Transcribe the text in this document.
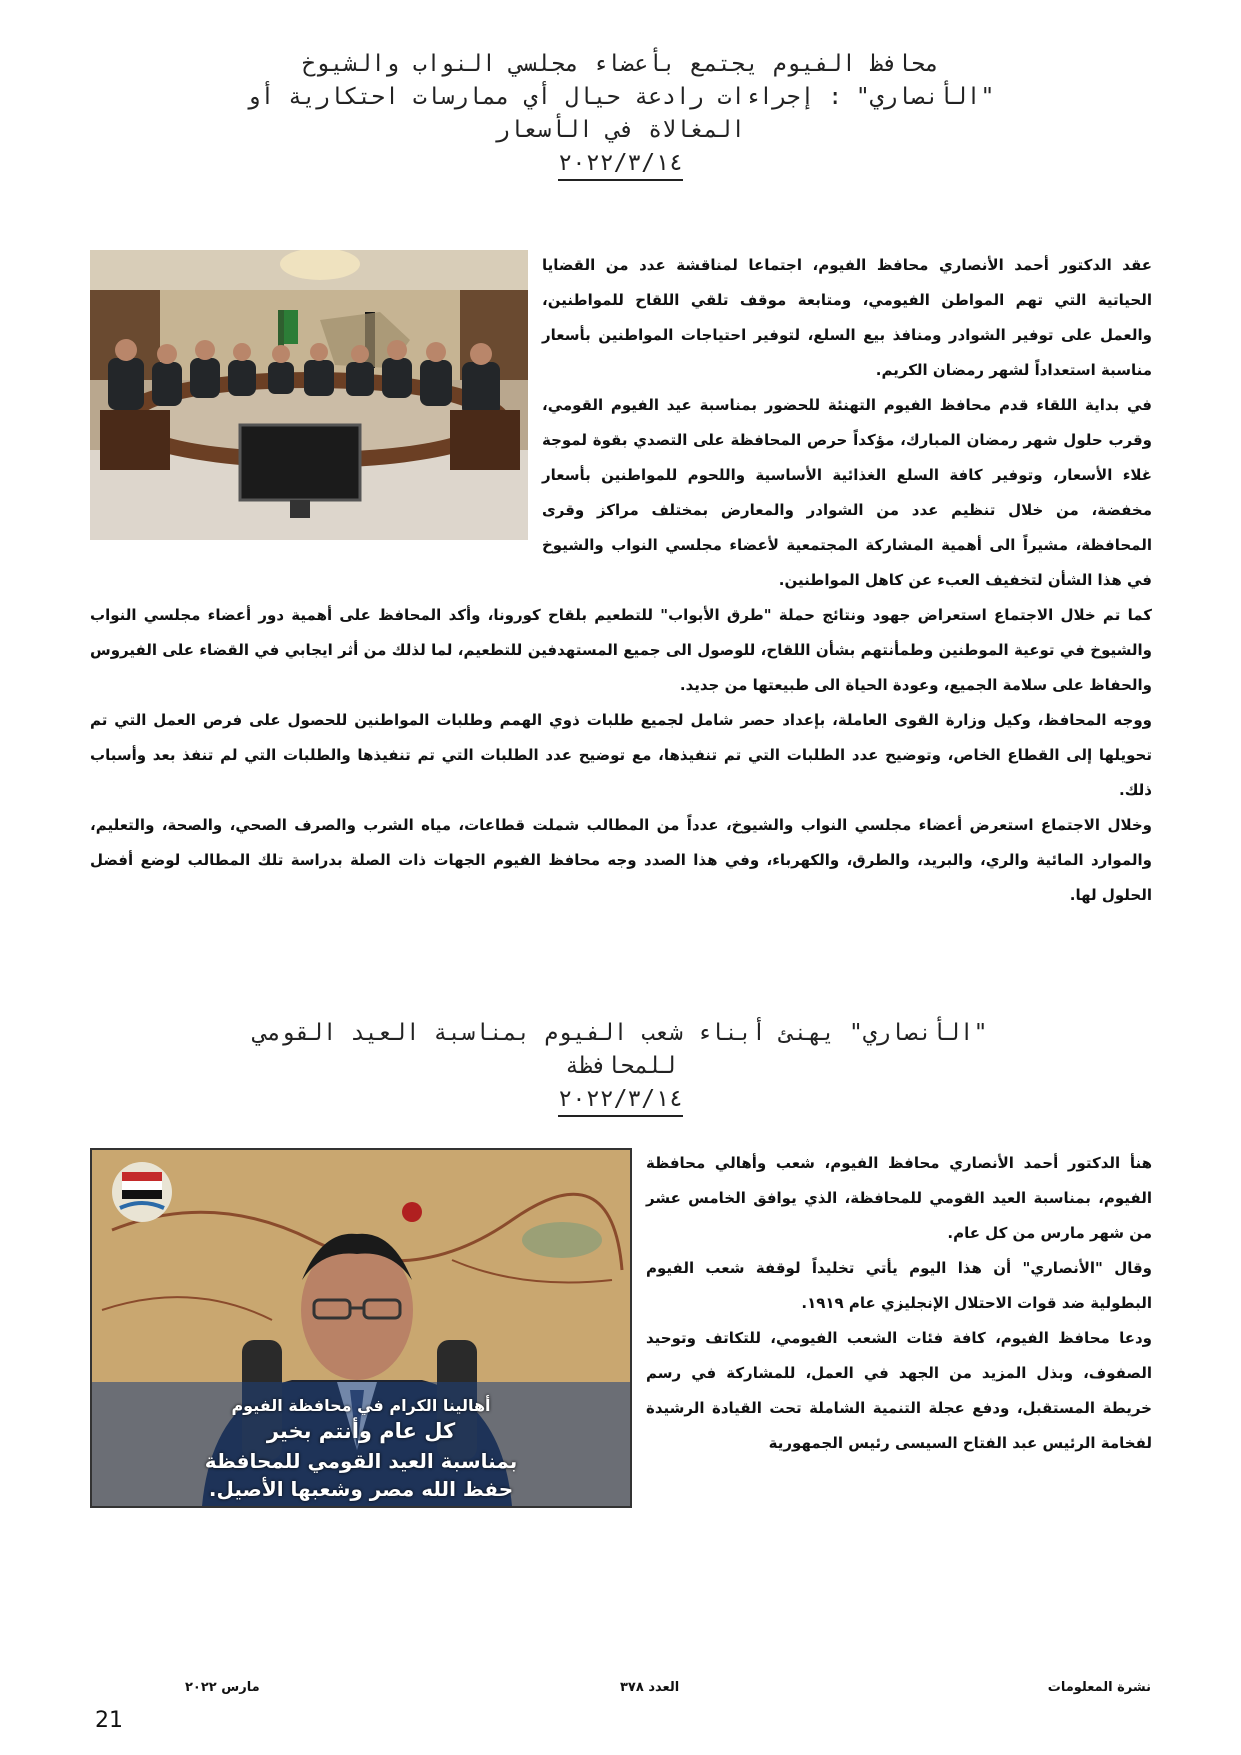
محافظ الفيوم يجتمع بأعضاء مجلسي النواب والشيوخ
"الأنصاري" : إجراءات رادعة حيال أي ممارسات احتكارية أو
المغالاة في الأسعار
٢٠٢٢/٣/١٤

عقد الدكتور أحمد الأنصاري محافظ الفيوم، اجتماعا لمناقشة عدد من القضايا الحياتية التي تهم المواطن الفيومي، ومتابعة موقف تلقي اللقاح للمواطنين، والعمل على توفير الشوادر ومنافذ بيع السلع، لتوفير احتياجات المواطنين بأسعار مناسبة استعداداً لشهر رمضان الكريم.

في بداية اللقاء قدم محافظ الفيوم التهنئة للحضور بمناسبة عيد الفيوم القومي، وقرب حلول شهر رمضان المبارك، مؤكداً حرص المحافظة على التصدي بقوة لموجة غلاء الأسعار، وتوفير كافة السلع الغذائية الأساسية واللحوم للمواطنين بأسعار مخفضة، من خلال تنظيم عدد من الشوادر والمعارض بمختلف مراكز وقرى المحافظة، مشيراً الى أهمية المشاركة المجتمعية لأعضاء مجلسي النواب والشيوخ في هذا الشأن لتخفيف العبء عن كاهل المواطنين.

كما تم خلال الاجتماع استعراض جهود ونتائج حملة "طرق الأبواب" للتطعيم بلقاح كورونا، وأكد المحافظ على أهمية دور أعضاء مجلسي النواب والشيوخ في توعية الموطنين وطمأنتهم بشأن اللقاح، للوصول الى جميع المستهدفين للتطعيم، لما لذلك من أثر ايجابي في القضاء على الفيروس والحفاظ على سلامة الجميع، وعودة الحياة الى طبيعتها من جديد.

ووجه المحافظ، وكيل وزارة القوى العاملة، بإعداد حصر شامل لجميع طلبات ذوي الهمم وطلبات المواطنين للحصول على فرص العمل التي تم تحويلها إلى القطاع الخاص، وتوضيح عدد الطلبات التي تم تنفيذها، مع توضيح عدد الطلبات التي تم تنفيذها والطلبات التي لم تنفذ بعد وأسباب ذلك.

وخلال الاجتماع استعرض أعضاء مجلسي النواب والشيوخ، عدداً من المطالب شملت قطاعات، مياه الشرب والصرف الصحي، والصحة، والتعليم، والموارد المائية والري، والبريد، والطرق، والكهرباء، وفي هذا الصدد وجه محافظ الفيوم الجهات ذات الصلة بدراسة تلك المطالب لوضع أفضل الحلول لها.

"الأنصاري" يهنئ أبناء شعب الفيوم بمناسبة العيد القومي
للمحافظة
٢٠٢٢/٣/١٤
أهالينا الكرام في محافظة الفيوم
كل عام وأنتم بخير
بمناسبة العيد القومي للمحافظة
حفظ الله مصر وشعبها الأصيل.

هنأ الدكتور أحمد الأنصاري محافظ الفيوم، شعب وأهالي محافظة الفيوم، بمناسبة العيد القومي للمحافظة، الذي يوافق الخامس عشر من شهر مارس من كل عام.

وقال "الأنصاري" أن هذا اليوم يأتي تخليداً لوقفة شعب الفيوم البطولية ضد قوات الاحتلال الإنجليزي عام ١٩١٩.

ودعا محافظ الفيوم، كافة فئات الشعب الفيومي، للتكاتف وتوحيد الصفوف، وبذل المزيد من الجهد في العمل، للمشاركة في رسم خريطة المستقبل، ودفع عجلة التنمية الشاملة تحت القيادة الرشيدة لفخامة الرئيس عبد الفتاح السيسى رئيس الجمهورية

نشرة المعلومات
العدد ٣٧٨
مارس ٢٠٢٢
21
